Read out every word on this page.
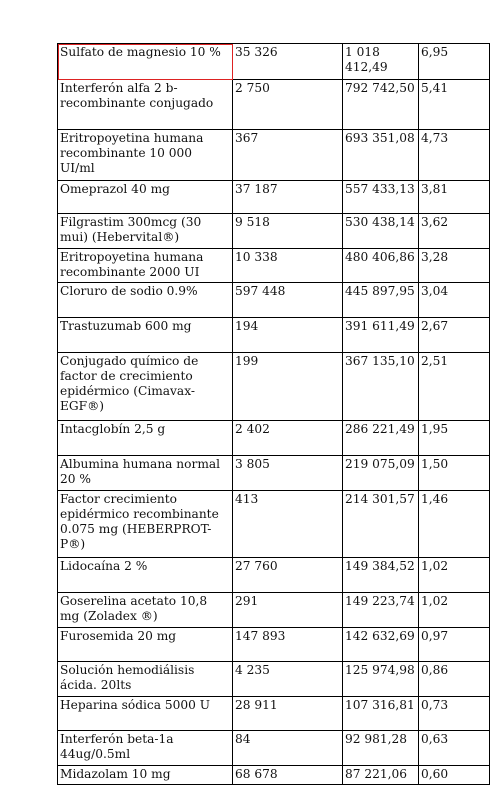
Sulfato de magnesio 10 %	35 326	1 018 412,49	6,95
Interferón alfa 2 b-recombinante conjugado	2 750	792 742,50	5,41
Eritropoyetina humana recombinante 10 000 UI/ml	367	693 351,08	4,73
Omeprazol 40 mg	37 187	557 433,13	3,81
Filgrastim 300mcg (30 mui) (Hebervital®)	9 518	530 438,14	3,62
Eritropoyetina humana recombinante 2000 UI	10 338	480 406,86	3,28
Cloruro de sodio 0.9%	597 448	445 897,95	3,04
Trastuzumab 600 mg	194	391 611,49	2,67
Conjugado químico de factor de crecimiento epidérmico (Cimavax-EGF®)	199	367 135,10	2,51
Intacglobín 2,5 g	2 402	286 221,49	1,95
Albumina humana normal 20 %	3 805	219 075,09	1,50
Factor crecimiento epidérmico recombinante 0.075 mg (HEBERPROT- P®)	413	214 301,57	1,46
Lidocaína 2 %	27 760	149 384,52	1,02
Goserelina acetato 10,8 mg (Zoladex ®)	291	149 223,74	1,02
Furosemida 20 mg	147 893	142 632,69	0,97
Solución hemodiálisis ácida. 20lts	4 235	125 974,98	0,86
Heparina sódica 5000 U	28 911	107 316,81	0,73
Interferón beta-1a 44ug/0.5ml	84	92 981,28	0,63
Midazolam 10 mg	68 678	87 221,06	0,60
